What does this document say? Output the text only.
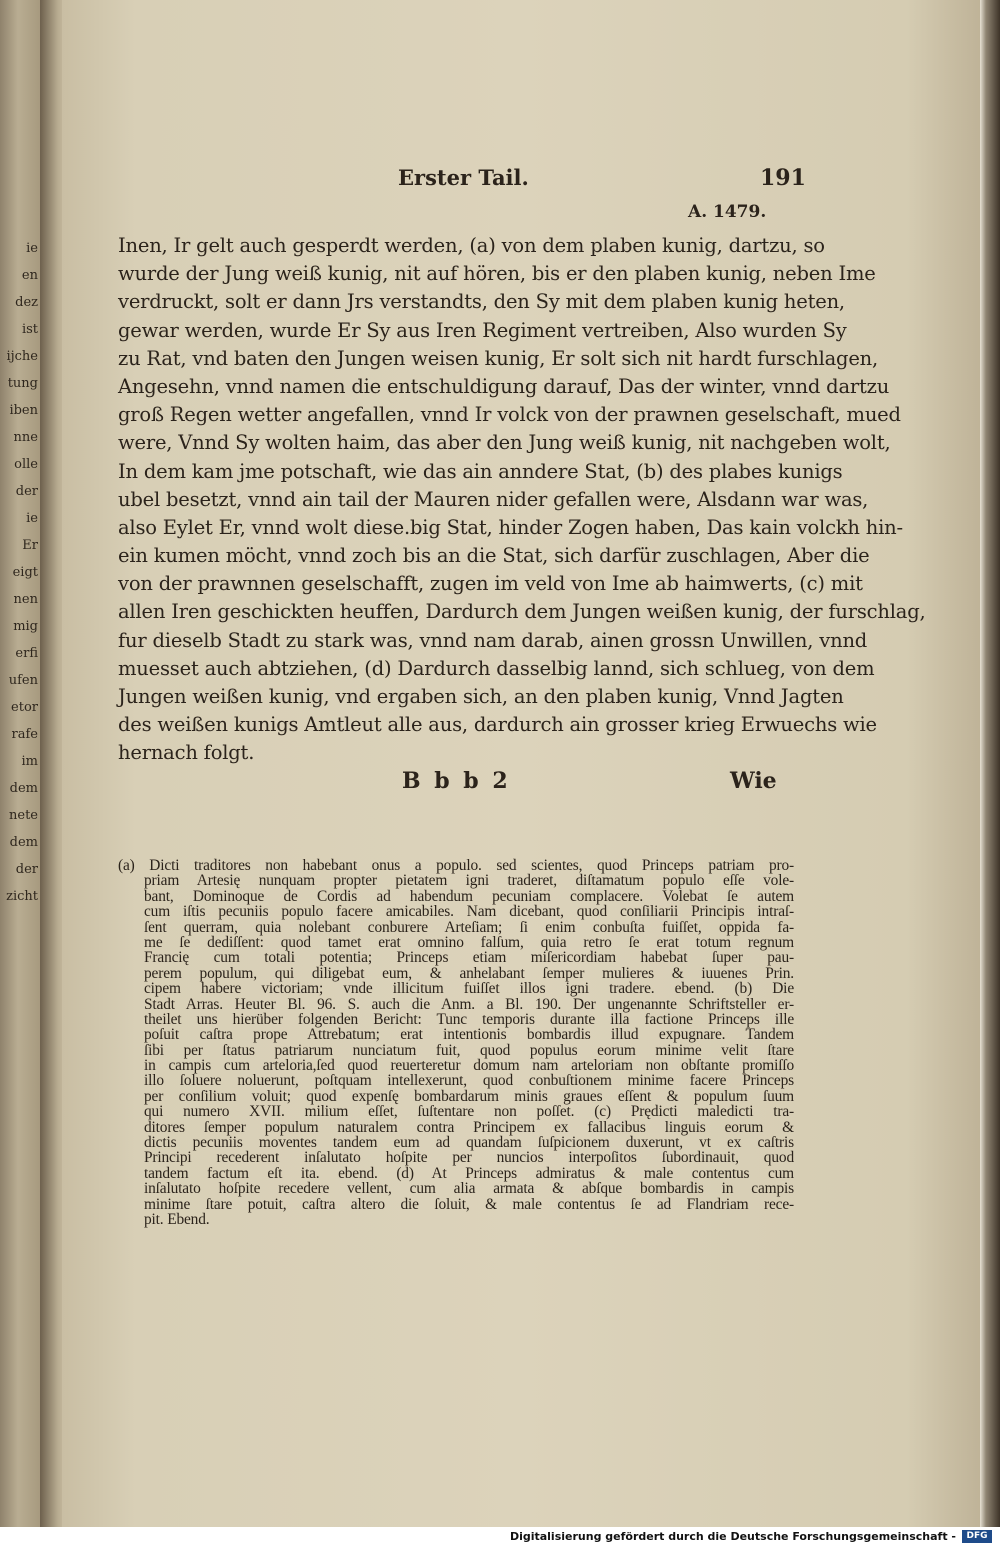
ie
en
dez
ist
ijche
tung
iben
nne
olle
der
ie
Er
eigt
nen
mig
erfi
ufen
etor
rafe
im
dem
nete
dem
der
zicht
Erster Tail.	191
A. 1479.
Inen, Ir gelt auch gesperdt werden, (a) von dem plaben kunig, dartzu, so
wurde der Jung weiß kunig, nit auf hören, bis er den plaben kunig, neben Ime
verdruckt, solt er dann Jrs verstandts, den Sy mit dem plaben kunig heten,
gewar werden, wurde Er Sy aus Iren Regiment vertreiben, Also wurden Sy
zu Rat, vnd baten den Jungen weisen kunig, Er solt sich nit hardt furschlagen,
Angesehn, vnnd namen die entschuldigung darauf, Das der winter, vnnd dartzu
groß Regen wetter angefallen, vnnd Ir volck von der prawnen geselschaft, mued
were, Vnnd Sy wolten haim, das aber den Jung weiß kunig, nit nachgeben wolt,
In dem kam jme potschaft, wie das ain anndere Stat, (b) des plabes kunigs
ubel besetzt, vnnd ain tail der Mauren nider gefallen were, Alsdann war was,
also Eylet Er, vnnd wolt diese.big Stat, hinder Zogen haben, Das kain volckh hin-
ein kumen möcht, vnnd zoch bis an die Stat, sich darfür zuschlagen, Aber die
von der prawnnen geselschafft, zugen im veld von Ime ab haimwerts, (c) mit
allen Iren geschickten heuffen, Dardurch dem Jungen weißen kunig, der furschlag,
fur dieselb Stadt zu stark was, vnnd nam darab, ainen grossn Unwillen, vnnd
muesset auch abtziehen, (d) Dardurch dasselbig lannd, sich schlueg, von dem
Jungen weißen kunig, vnd ergaben sich, an den plaben kunig, Vnnd Jagten
des weißen kunigs Amtleut alle aus, dardurch ain grosser krieg Erwuechs wie
hernach folgt.
B b b 2	Wie
(a) Dicti traditores non habebant onus a populo. sed scientes, quod Princeps patriam pro-
priam Artesię nunquam propter pietatem igni traderet, diſtamatum populo eſſe vole-
bant, Dominoque de Cordis ad habendum pecuniam complacere. Volebat ſe autem
cum iſtis pecuniis populo facere amicabiles. Nam dicebant, quod conſiliarii Principis intraſ-
ſent querram, quia nolebant conburere Arteſiam; ſi enim conbuſta fuiſſet, oppida fa-
me ſe dediſſent: quod tamet erat omnino falſum, quia retro ſe erat totum regnum
Francię cum totali potentia; Princeps etiam miſericordiam habebat ſuper pau-
perem populum, qui diligebat eum, & anhelabant ſemper mulieres & iuuenes Prin.
cipem habere victoriam; vnde illicitum fuiſſet illos igni tradere. ebend. (b) Die
Stadt Arras. Heuter Bl. 96. S. auch die Anm. a Bl. 190. Der ungenannte Schriftsteller er-
theilet uns hierüber folgenden Bericht: Tunc temporis durante illa factione Princeps ille
poſuit caſtra prope Attrebatum; erat intentionis bombardis illud expugnare. Tandem
ſibi per ſtatus patriarum nunciatum fuit, quod populus eorum minime velit ſtare
in campis cum arteloria,ſed quod reuerteretur domum nam arteloriam non obſtante promiſſo
illo ſoluere noluerunt, poſtquam intellexerunt, quod conbuſtionem minime facere Princeps
per conſilium voluit; quod expenſę bombardarum minis graues eſſent & populum ſuum
qui numero XVII. milium eſſet, ſuſtentare non poſſet. (c) Prędicti maledicti tra-
ditores ſemper populum naturalem contra Principem ex fallacibus linguis eorum &
dictis pecuniis moventes tandem eum ad quandam ſuſpicionem duxerunt, vt ex caſtris
Principi recederent inſalutato hoſpite per nuncios interpoſitos ſubordinauit, quod
tandem factum eſt ita. ebend. (d) At Princeps admiratus & male contentus cum
inſalutato hoſpite recedere vellent, cum alia armata & abſque bombardis in campis
minime ſtare potuit, caſtra altero die ſoluit, & male contentus ſe ad Flandriam rece-
pit. Ebend.
Digitalisierung gefördert durch die Deutsche Forschungsgemeinschaft -	DFG
